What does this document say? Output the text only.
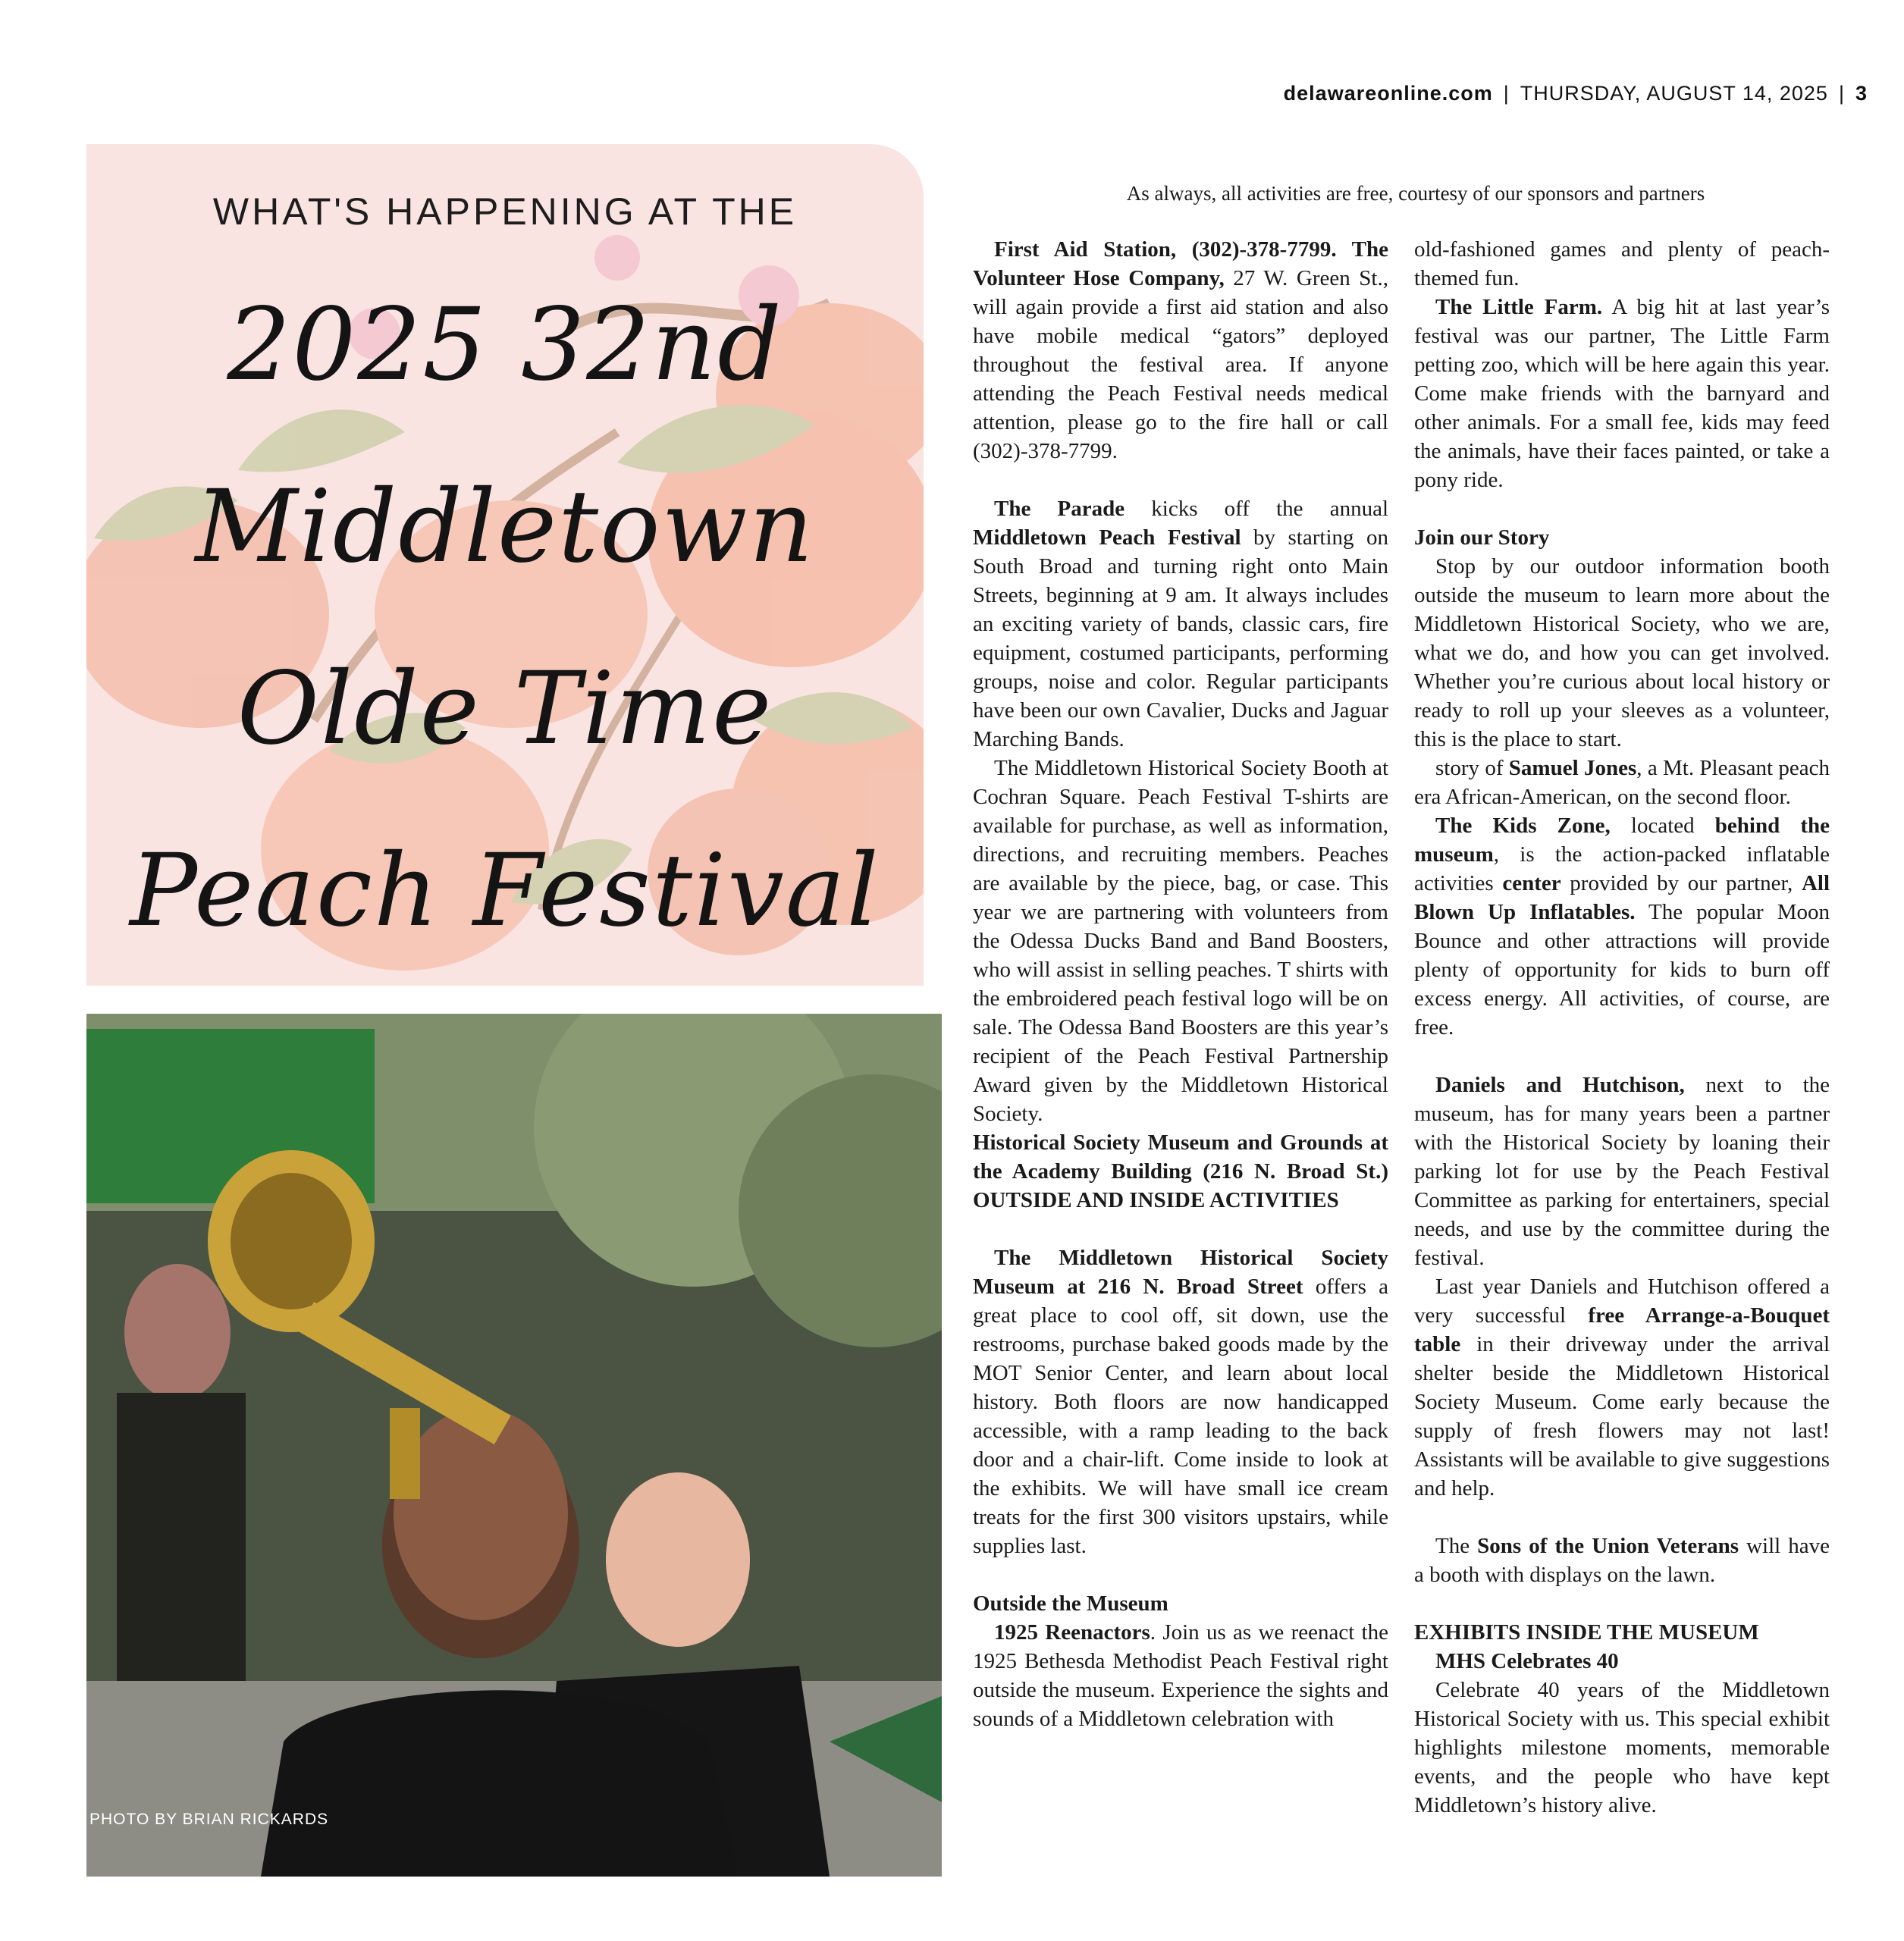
delawareonline.com | THURSDAY, AUGUST 14, 2025 | 3
WHAT'S HAPPENING AT THE
2025 32nd
Middletown
Olde Time
Peach Festival
PHOTO BY BRIAN RICKARDS
As always, all activities are free, courtesy of our sponsors and partners

First Aid Station, (302)-378-7799. The Volunteer Hose Company, 27 W. Green St., will again provide a first aid station and also have mobile medical “gators” deployed throughout the festival area. If anyone attending the Peach Festival needs medical attention, please go to the fire hall or call (302)-378-7799.

The Parade kicks off the annual Middletown Peach Festival by starting on South Broad and turning right onto Main Streets, beginning at 9 am. It always includes an exciting variety of bands, classic cars, fire equipment, costumed participants, performing groups, noise and color. Regular participants have been our own Cavalier, Ducks and Jaguar Marching Bands.

The Middletown Historical Society Booth at Cochran Square. Peach Festival T-shirts are available for purchase, as well as information, directions, and recruiting members. Peaches are available by the piece, bag, or case. This year we are partnering with volunteers from the Odessa Ducks Band and Band Boosters, who will assist in selling peaches. T shirts with the embroidered peach festival logo will be on sale. The Odessa Band Boosters are this year’s recipient of the Peach Festival Partnership Award given by the Middletown Historical Society.

Historical Society Museum and Grounds at the Academy Building (216 N. Broad St.) OUTSIDE AND INSIDE ACTIVITIES

The Middletown Historical Society Museum at 216 N. Broad Street offers a great place to cool off, sit down, use the restrooms, purchase baked goods made by the MOT Senior Center, and learn about local history. Both floors are now handicapped accessible, with a ramp leading to the back door and a chair-lift. Come inside to look at the exhibits. We will have small ice cream treats for the first 300 visitors upstairs, while supplies last.

Outside the Museum

1925 Reenactors. Join us as we reenact the 1925 Bethesda Methodist Peach Festival right outside the museum. Experience the sights and sounds of a Middletown celebration with

old-fashioned games and plenty of peach-themed fun.

The Little Farm. A big hit at last year’s festival was our partner, The Little Farm petting zoo, which will be here again this year. Come make friends with the barnyard and other animals. For a small fee, kids may feed the animals, have their faces painted, or take a pony ride.

Join our Story

Stop by our outdoor information booth outside the museum to learn more about the Middletown Historical Society, who we are, what we do, and how you can get involved. Whether you’re curious about local history or ready to roll up your sleeves as a volunteer, this is the place to start.

story of Samuel Jones, a Mt. Pleasant peach era African-American, on the second floor.

The Kids Zone, located behind the museum, is the action-packed inflatable activities center provided by our partner, All Blown Up Inflatables. The popular Moon Bounce and other attractions will provide plenty of opportunity for kids to burn off excess energy. All activities, of course, are free.

Daniels and Hutchison, next to the museum, has for many years been a partner with the Historical Society by loaning their parking lot for use by the Peach Festival Committee as parking for entertainers, special needs, and use by the committee during the festival.

Last year Daniels and Hutchison offered a very successful free Arrange-a-Bouquet table in their driveway under the arrival shelter beside the Middletown Historical Society Museum. Come early because the supply of fresh flowers may not last! Assistants will be available to give suggestions and help.

The Sons of the Union Veterans will have a booth with displays on the lawn.

EXHIBITS INSIDE THE MUSEUM

MHS Celebrates 40

Celebrate 40 years of the Middletown Historical Society with us. This special exhibit highlights milestone moments, memorable events, and the people who have kept Middletown’s history alive.
